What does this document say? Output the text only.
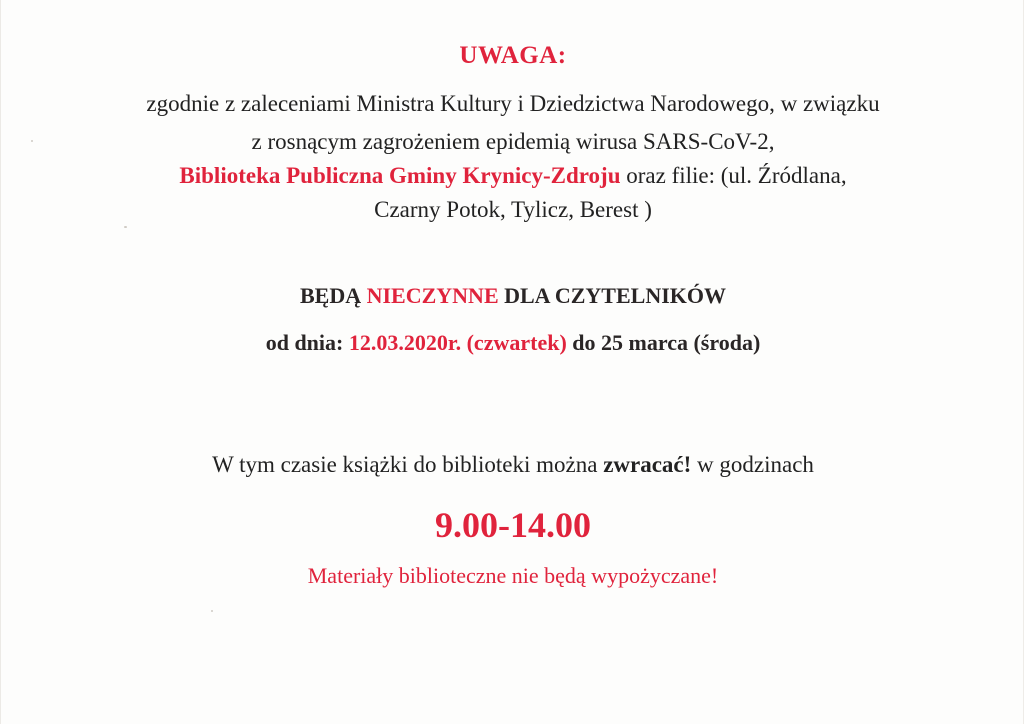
UWAGA:
zgodnie z zaleceniami Ministra Kultury i Dziedzictwa Narodowego, w związku
z rosnącym zagrożeniem epidemią wirusa SARS-CoV-2,
Biblioteka Publiczna Gminy Krynicy-Zdroju oraz filie: (ul. Źródlana,
Czarny Potok, Tylicz, Berest )
BĘDĄ NIECZYNNE DLA CZYTELNIKÓW
od dnia: 12.03.2020r. (czwartek) do 25 marca (środa)
W tym czasie książki do biblioteki można zwracać! w godzinach
9.00-14.00
Materiały biblioteczne nie będą wypożyczane!
